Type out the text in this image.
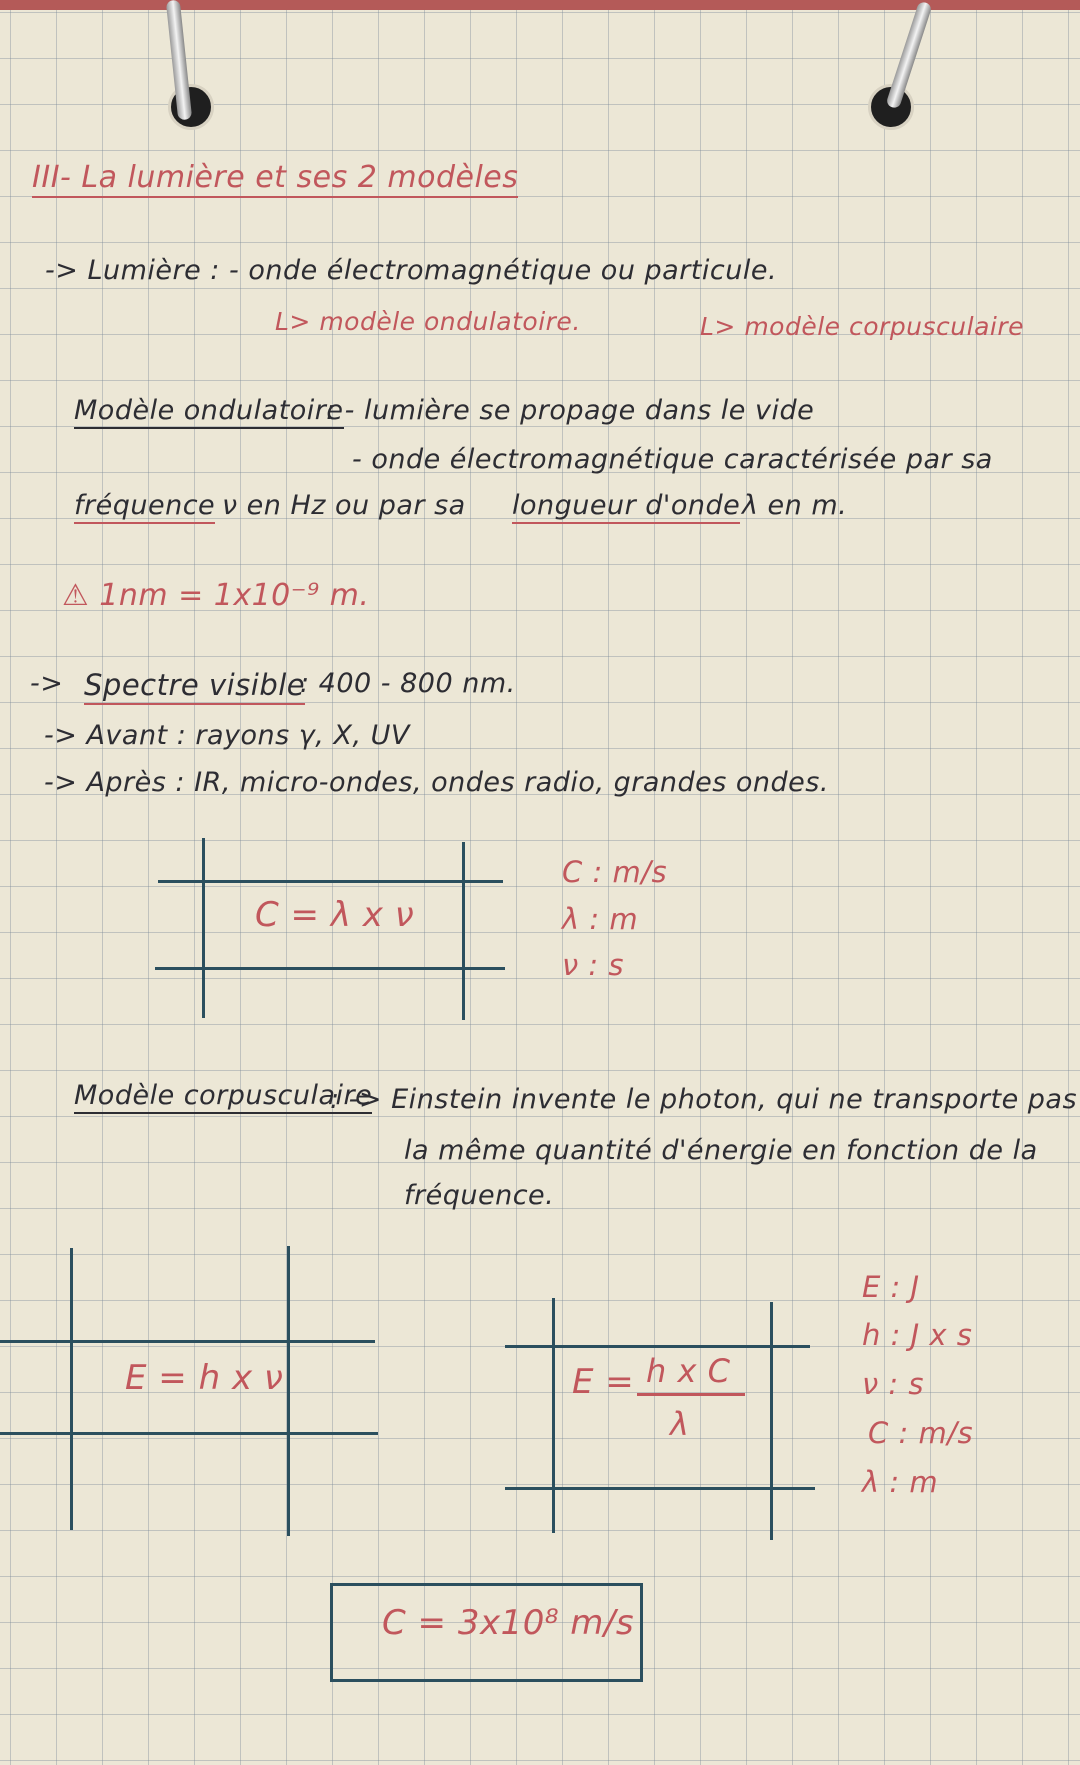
III- La lumière et ses 2 modèles
-> Lumière : - onde électromagnétique ou particule.
L> modèle ondulatoire.	L> modèle corpusculaire
Modèle ondulatoire
: - lumière se propage dans le vide
- onde électromagnétique caractérisée par sa
fréquence ν en Hz ou par sa longueur d'onde λ en m.
⚠ 1nm = 1x10⁻⁹ m.
-> Spectre visible
: 400 - 800 nm.
-> Avant : rayons γ, X, UV
-> Après : IR, micro-ondes, ondes radio, grandes ondes.
C = λ x ν
C : m/s
λ : m
ν : s
Modèle corpusculaire
: -> Einstein invente le photon, qui ne transporte pas
la même quantité d'énergie en fonction de la
fréquence.
E = h x ν	E = h x C
λ
E : J
h : J x s
ν : s
C : m/s
λ : m
C = 3x10⁸ m/s
